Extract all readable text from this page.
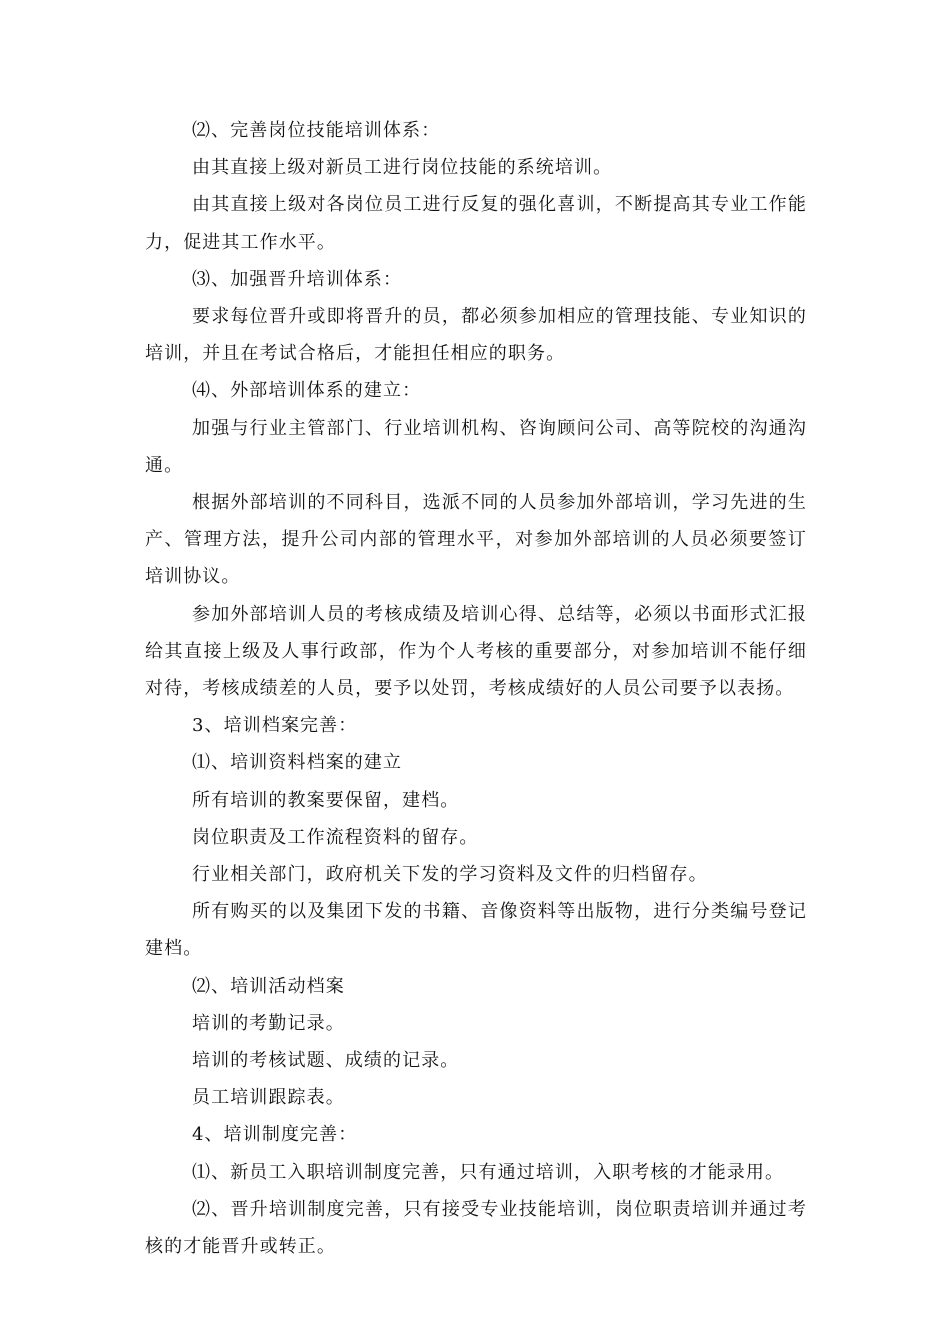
⑵、完善岗位技能培训体系：

由其直接上级对新员工进行岗位技能的系统培训。

由其直接上级对各岗位员工进行反复的强化喜训，不断提高其专业工作能力，促进其工作水平。

⑶、加强晋升培训体系：

要求每位晋升或即将晋升的员，都必须参加相应的管理技能、专业知识的培训，并且在考试合格后，才能担任相应的职务。

⑷、外部培训体系的建立：

加强与行业主管部门、行业培训机构、咨询顾问公司、高等院校的沟通沟通。

根据外部培训的不同科目，选派不同的人员参加外部培训，学习先进的生产、管理方法，提升公司内部的管理水平，对参加外部培训的人员必须要签订培训协议。

参加外部培训人员的考核成绩及培训心得、总结等，必须以书面形式汇报给其直接上级及人事行政部，作为个人考核的重要部分，对参加培训不能仔细对待，考核成绩差的人员，要予以处罚，考核成绩好的人员公司要予以表扬。

3、培训档案完善：

⑴、培训资料档案的建立

所有培训的教案要保留，建档。

岗位职责及工作流程资料的留存。

行业相关部门，政府机关下发的学习资料及文件的归档留存。

所有购买的以及集团下发的书籍、音像资料等出版物，进行分类编号登记建档。

⑵、培训活动档案

培训的考勤记录。

培训的考核试题、成绩的记录。

员工培训跟踪表。

4、培训制度完善：

⑴、新员工入职培训制度完善，只有通过培训，入职考核的才能录用。

⑵、晋升培训制度完善，只有接受专业技能培训，岗位职责培训并通过考核的才能晋升或转正。
